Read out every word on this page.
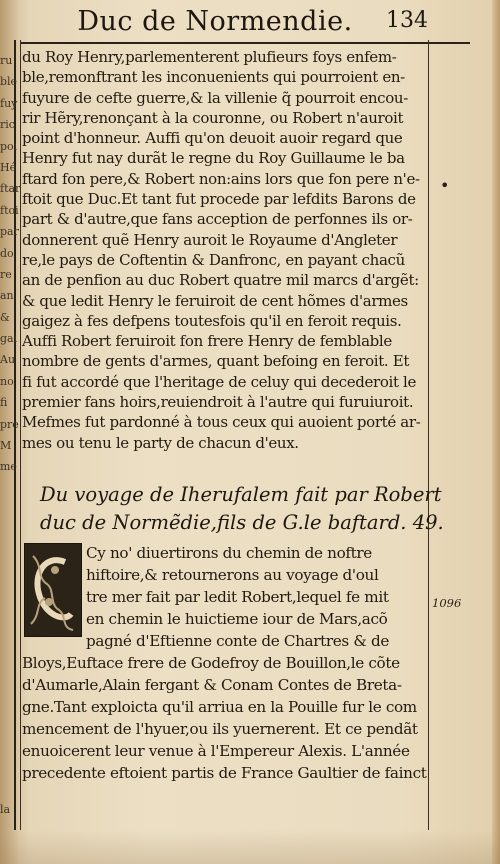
Duc de Normendie.	134
ru
ble
fuy
ric
poi
Hé
ftar
ftoi
par
do
re
an
&
gai
Au
no
fi
pre
M
me
la
du Roy Henry,parlementerent plufieurs foys enfem-
ble,remonftrant les inconuenients qui pourroient en-
fuyure de cefte guerre,& la villenie q̃ pourroit encou-
rir Hẽry,renonçant à la couronne, ou Robert n'auroit
point d'honneur. Auffi qu'on deuoit auoir regard que
Henry fut nay durãt le regne du Roy Guillaume le ba
ftard fon pere,& Robert non:ains lors que fon pere n'e-
ftoit que Duc.Et tant fut procede par lefdits Barons de
part & d'autre,que fans acception de perfonnes ils or-
donnerent quẽ Henry auroit le Royaume d'Angleter
re,le pays de Coftentin & Danfronc, en payant chacũ
an de penfion au duc Robert quatre mil marcs d'argẽt:
& que ledit Henry le feruiroit de cent hõmes d'armes
gaigez à fes defpens toutesfois qu'il en feroit requis.
Auffi Robert feruiroit fon frere Henry de femblable
nombre de gents d'armes, quant befoing en feroit. Et
fi fut accordé que l'heritage de celuy qui decederoit le
premier fans hoirs,reuiendroit à l'autre qui furuiuroit.
Mefmes fut pardonné à tous ceux qui auoient porté ar-
mes ou tenu le party de chacun d'eux.
Du voyage de Iherufalem fait par Robert
duc de Normẽdie,fils de G.le baftard. 49.
Cy no' diuertirons du chemin de noftre
hiftoire,& retournerons au voyage d'oul
tre mer fait par ledit Robert,lequel fe mit
en chemin le huictieme iour de Mars,acõ
pagné d'Eftienne conte de Chartres & de
Bloys,Euftace frere de Godefroy de Bouillon,le cõte
d'Aumarle,Alain fergant & Conam Contes de Breta-
gne.Tant exploicta qu'il arriua en la Pouille fur le com
mencement de l'hyuer,ou ils yuernerent. Et ce pendãt
enuoicerent leur venue à l'Empereur Alexis. L'année
precedente eftoient partis de France Gaultier de fainct
•
1096
